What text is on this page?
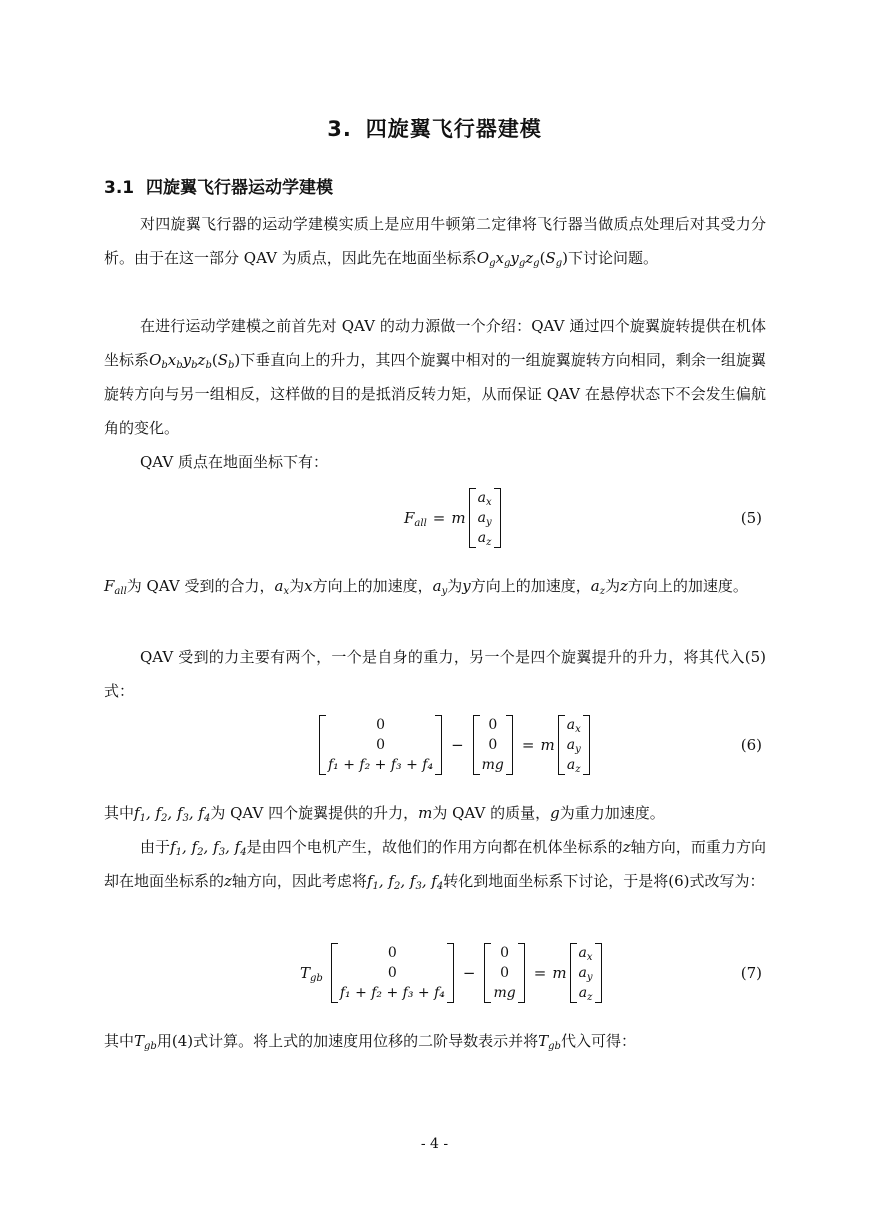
3. 四旋翼飞行器建模
3.1 四旋翼飞行器运动学建模
对四旋翼飞行器的运动学建模实质上是应用牛顿第二定律将飞行器当做质点处理后对其受力分析。由于在这一部分 QAV 为质点，因此先在地面坐标系$O_gx_gy_gz_g(S_g)$下讨论问题。
在进行运动学建模之前首先对 QAV 的动力源做一个介绍：QAV 通过四个旋翼旋转提供在机体坐标系$O_bx_by_bz_b(S_b)$下垂直向上的升力，其四个旋翼中相对的一组旋翼旋转方向相同，剩余一组旋翼旋转方向与另一组相反，这样做的目的是抵消反转力矩，从而保证 QAV 在悬停状态下不会发生偏航角的变化。
QAV 质点在地面坐标下有：
$F_{all} = m$
$a_x$
$a_y$
$a_z$
(5)
$F_{all}$为 QAV 受到的合力，$a_x$为x方向上的加速度，$a_y$为y方向上的加速度，$a_z$为z方向上的加速度。
QAV 受到的力主要有两个，一个是自身的重力，另一个是四个旋翼提升的升力，将其代入(5)式：
0
0
f₁ + f₂ + f₃ + f₄
−
0
0
mg
= m
$a_x$
$a_y$
$a_z$
(6)
其中$f_1$, $f_2$, $f_3$, $f_4$为 QAV 四个旋翼提供的升力，m为 QAV 的质量，g为重力加速度。
由于$f_1$, $f_2$, $f_3$, $f_4$是由四个电机产生，故他们的作用方向都在机体坐标系的z轴方向，而重力方向却在地面坐标系的z轴方向，因此考虑将$f_1$, $f_2$, $f_3$, $f_4$转化到地面坐标系下讨论，于是将(6)式改写为：
$T_{gb}$
0
0
f₁ + f₂ + f₃ + f₄
−
0
0
mg
= m
$a_x$
$a_y$
$a_z$
(7)
其中$T_{gb}$用(4)式计算。将上式的加速度用位移的二阶导数表示并将$T_{gb}$代入可得：
- 4 -
